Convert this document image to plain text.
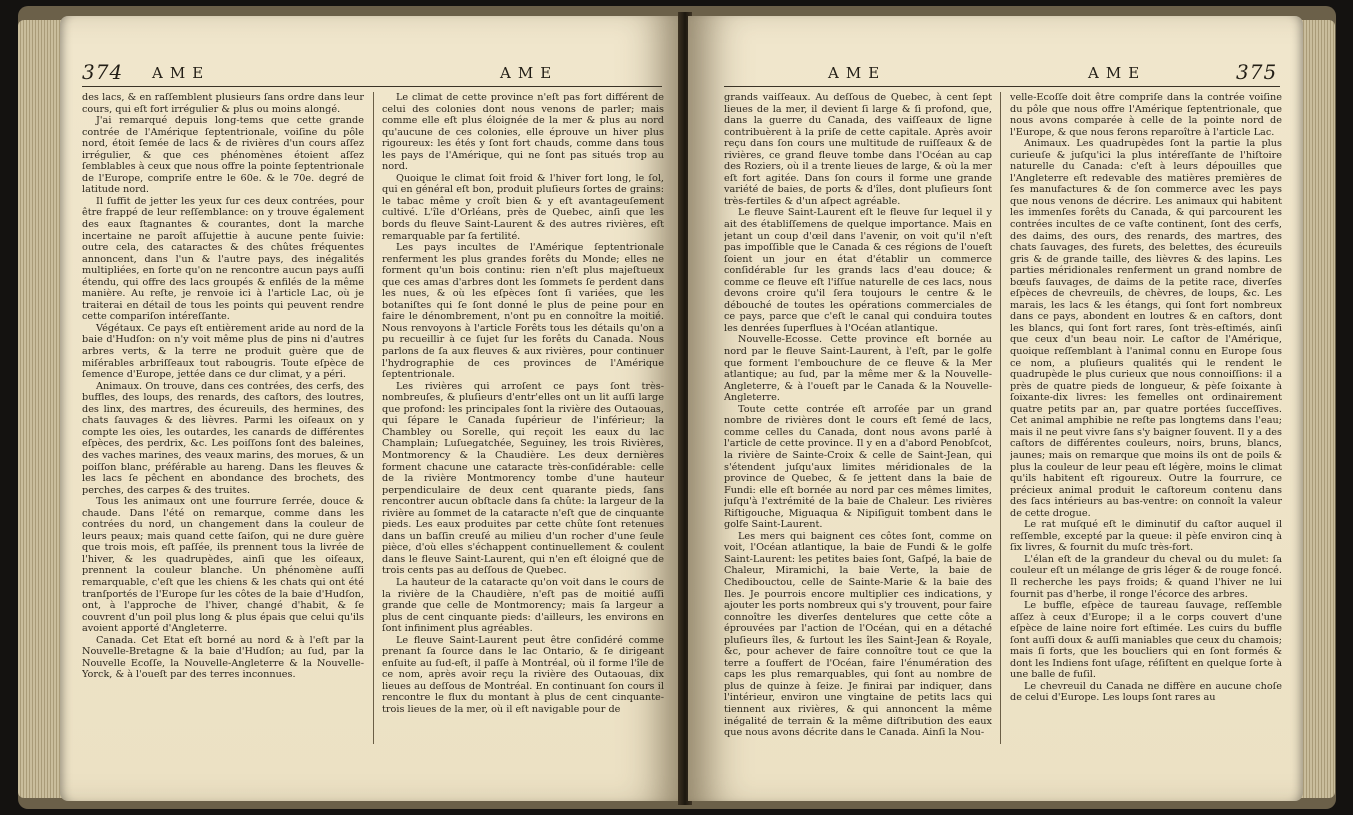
374 AME	AME

des lacs, & en raſſemblent plusieurs ſans ordre dans leur cours, qui eſt fort irrégulier & plus ou moins alongé.

J'ai remarqué depuis long-tems que cette grande contrée de l'Amérique ſeptentrionale, voiſine du pôle nord, étoit ſemée de lacs & de rivières d'un cours aſſez irrégulier, & que ces phénomènes étoient aſſez ſemblables à ceux que nous offre la pointe ſeptentrionale de l'Europe, compriſe entre le 60e. & le 70e. degré de latitude nord.

Il ſuffit de jetter les yeux ſur ces deux contrées, pour être frappé de leur reſſemblance: on y trouve également des eaux ſtagnantes & courantes, dont la marche incertaine ne paroît aſſujettie à aucune pente ſuivie: outre cela, des cataractes & des chûtes fréquentes annoncent, dans l'un & l'autre pays, des inégalités multipliées, en ſorte qu'on ne rencontre aucun pays auſſi étendu, qui offre des lacs groupés & enfilés de la même manière. Au reſte, je renvoie ici à l'article Lac, où je traiterai en détail de tous les points qui peuvent rendre cette compariſon intéreſſante.

Végétaux. Ce pays eſt entièrement aride au nord de la baie d'Hudſon: on n'y voit même plus de pins ni d'autres arbres verts, & la terre ne produit guère que de miſérables arbriſſeaux tout rabougris. Toute eſpèce de ſemence d'Europe, jettée dans ce dur climat, y a péri.

Animaux. On trouve, dans ces contrées, des cerfs, des buffles, des loups, des renards, des caſtors, des loutres, des linx, des martres, des écureuils, des hermines, des chats ſauvages & des lièvres. Parmi les oiſeaux on y compte les oies, les outardes, les canards de différentes eſpèces, des perdrix, &c. Les poiſſons ſont des baleines, des vaches marines, des veaux marins, des morues, & un poiſſon blanc, préférable au hareng. Dans les fleuves & les lacs ſe pêchent en abondance des brochets, des perches, des carpes & des truites.

Tous les animaux ont une fourrure ſerrée, douce & chaude. Dans l'été on remarque, comme dans les contrées du nord, un changement dans la couleur de leurs peaux; mais quand cette ſaiſon, qui ne dure guère que trois mois, eſt paſſée, ils prennent tous la livrée de l'hiver, & les quadrupèdes, ainſi que les oiſeaux, prennent la couleur blanche. Un phénomène auſſi remarquable, c'eſt que les chiens & les chats qui ont été tranſportés de l'Europe ſur les côtes de la baie d'Hudſon, ont, à l'approche de l'hiver, changé d'habit, & ſe couvrent d'un poil plus long & plus épais que celui qu'ils avoient apporté d'Angleterre.

Canada. Cet Etat eſt borné au nord & à l'eſt par la Nouvelle-Bretagne & la baie d'Hudſon; au ſud, par la Nouvelle Ecoſſe, la Nouvelle-Angleterre & la Nouvelle-Yorck, & à l'oueſt par des terres inconnues.

Le climat de cette province n'eſt pas fort différent de celui des colonies dont nous venons de parler; mais comme elle eſt plus éloignée de la mer & plus au nord qu'aucune de ces colonies, elle éprouve un hiver plus rigoureux: les étés y ſont fort chauds, comme dans tous les pays de l'Amérique, qui ne ſont pas situés trop au nord.

Quoique le climat ſoit froid & l'hiver fort long, le ſol, qui en général eſt bon, produit pluſieurs ſortes de grains: le tabac même y croît bien & y eſt avantageuſement cultivé. L'île d'Orléans, près de Quebec, ainſi que les bords du fleuve Saint-Laurent & des autres rivières, eſt remarquable par ſa fertilité.

Les pays incultes de l'Amérique ſeptentrionale renferment les plus grandes forêts du Monde; elles ne forment qu'un bois continu: rien n'eſt plus majeſtueux que ces amas d'arbres dont les ſommets ſe perdent dans les nues, & où les eſpèces ſont ſi variées, que les botaniſtes qui ſe ſont donné le plus de peine pour en faire le dénombrement, n'ont pu en connoître la moitié. Nous renvoyons à l'article Forêts tous les détails qu'on a pu recueillir à ce ſujet ſur les forêts du Canada. Nous parlons de ſa aux fleuves & aux rivières, pour continuer l'hydrographie de ces provinces de l'Amérique ſeptentrionale.

Les rivières qui arroſent ce pays ſont très-nombreuſes, & pluſieurs d'entr'elles ont un lit auſſi large que profond: les principales ſont la rivière des Outaouas, qui ſépare le Canada ſupérieur de l'inférieur; la Chambley ou Sorelle, qui reçoit les eaux du lac Champlain; Luſuegatchée, Seguiney, les trois Rivières, Montmorency & la Chaudière. Les deux dernières forment chacune une cataracte très-conſidérable: celle de la rivière Montmorency tombe d'une hauteur perpendiculaire de deux cent quarante pieds, ſans rencontrer aucun obſtacle dans ſa chûte: la largeur de la rivière au ſommet de la cataracte n'eſt que de cinquante pieds. Les eaux produites par cette chûte ſont retenues dans un baſſin creuſé au milieu d'un rocher d'une ſeule pièce, d'où elles s'échappent continuellement & coulent dans le fleuve Saint-Laurent, qui n'en eſt éloigné que de trois cents pas au deſſous de Quebec.

La hauteur de la cataracte qu'on voit dans le cours de la rivière de la Chaudière, n'eſt pas de moitié auſſi grande que celle de Montmorency; mais ſa largeur a plus de cent cinquante pieds: d'ailleurs, les environs en ſont infiniment plus agréables.

Le fleuve Saint-Laurent peut être conſidéré comme prenant ſa ſource dans le lac Ontario, & ſe dirigeant enſuite au ſud-eſt, il paſſe à Montréal, où il forme l'île de ce nom, après avoir reçu la rivière des Outaouas, dix lieues au deſſous de Montréal. En continuant ſon cours il rencontre le flux du montant à plus de cent cinquante-trois lieues de la mer, où il eſt navigable pour de

AME	AME	375

grands vaiſſeaux. Au deſſous de Quebec, à cent ſept lieues de la mer, il devient ſi large & ſi profond, que, dans la guerre du Canada, des vaiſſeaux de ligne contribuèrent à la priſe de cette capitale. Après avoir reçu dans ſon cours une multitude de ruiſſeaux & de rivières, ce grand fleuve tombe dans l'Océan au cap des Roziers, où il a trente lieues de large, & où la mer eſt fort agitée. Dans ſon cours il forme une grande variété de baies, de ports & d'îles, dont pluſieurs ſont très-fertiles & d'un aſpect agréable.

Le fleuve Saint-Laurent eſt le fleuve ſur lequel il y ait des établiſſemens de quelque importance. Mais en jetant un coup d'œil dans l'avenir, on voit qu'il n'eſt pas impoſſible que le Canada & ces régions de l'oueſt ſoient un jour en état d'établir un commerce conſidérable ſur les grands lacs d'eau douce; & comme ce fleuve eſt l'iſſue naturelle de ces lacs, nous devons croire qu'il ſera toujours le centre & le débouché de toutes les opérations commerciales de ce pays, parce que c'eſt le canal qui conduira toutes les denrées ſuperflues à l'Océan atlantique.

Nouvelle-Ecosse. Cette province eſt bornée au nord par le fleuve Saint-Laurent, à l'eſt, par le golfe que forment l'embouchure de ce fleuve & la Mer atlantique; au ſud, par la même mer & la Nouvelle-Angleterre, & à l'oueſt par le Canada & la Nouvelle-Angleterre.

Toute cette contrée eſt arroſée par un grand nombre de rivières dont le cours eſt ſemé de lacs, comme celles du Canada, dont nous avons parlé à l'article de cette province. Il y en a d'abord Penobſcot, la rivière de Sainte-Croix & celle de Saint-Jean, qui s'étendent juſqu'aux limites méridionales de la province de Quebec, & ſe jettent dans la baie de Fundi: elle eſt bornée au nord par ces mêmes limites, juſqu'à l'extrémité de la baie de Chaleur. Les rivières Riſtigouche, Miguaqua & Nipiſiguit tombent dans le golfe Saint-Laurent.

Les mers qui baignent ces côtes ſont, comme on voit, l'Océan atlantique, la baie de Fundi & le golfe Saint-Laurent: les petites baies ſont, Gaſpé, la baie de Chaleur, Miramichi, la baie Verte, la baie de Chedibouctou, celle de Sainte-Marie & la baie des Iles. Je pourrois encore multiplier ces indications, y ajouter les ports nombreux qui s'y trouvent, pour faire connoître les diverſes dentelures que cette côte a éprouvées par l'action de l'Océan, qui en a détaché pluſieurs îles, & ſurtout les îles Saint-Jean & Royale, &c, pour achever de faire connoître tout ce que la terre a ſouffert de l'Océan, faire l'énumération des caps les plus remarquables, qui ſont au nombre de plus de quinze à ſeize. Je finirai par indiquer, dans l'intérieur, environ une vingtaine de petits lacs qui tiennent aux rivières, & qui annoncent la même inégalité de terrain & la même diſtribution des eaux que nous avons décrite dans le Canada. Ainſi la Nou-

velle-Ecoſſe doit être compriſe dans la contrée voiſine du pôle que nous offre l'Amérique ſeptentrionale, que nous avons comparée à celle de la pointe nord de l'Europe, & que nous ferons reparoître à l'article Lac.

Animaux. Les quadrupèdes ſont la partie la plus curieuſe & juſqu'ici la plus intéreſſante de l'hiſtoire naturelle du Canada: c'eſt à leurs dépouilles que l'Angleterre eſt redevable des matières premières de ſes manufactures & de ſon commerce avec les pays que nous venons de décrire. Les animaux qui habitent les immenſes forêts du Canada, & qui parcourent les contrées incultes de ce vaſte continent, ſont des cerfs, des daims, des ours, des renards, des martres, des chats ſauvages, des furets, des belettes, des écureuils gris & de grande taille, des lièvres & des lapins. Les parties méridionales renferment un grand nombre de bœufs ſauvages, de daims de la petite race, diverſes eſpèces de chevreuils, de chèvres, de loups, &c. Les marais, les lacs & les étangs, qui ſont fort nombreux dans ce pays, abondent en loutres & en caſtors, dont les blancs, qui ſont fort rares, ſont très-eſtimés, ainſi que ceux d'un beau noir. Le caſtor de l'Amérique, quoique reſſemblant à l'animal connu en Europe ſous ce nom, a pluſieurs qualités qui le rendent le quadrupède le plus curieux que nous connoiſſions: il a près de quatre pieds de longueur, & pèſe ſoixante à ſoixante-dix livres: les femelles ont ordinairement quatre petits par an, par quatre portées ſucceſſives. Cet animal amphibie ne reſte pas longtems dans l'eau; mais il ne peut vivre ſans s'y baigner ſouvent. Il y a des caſtors de différentes couleurs, noirs, bruns, blancs, jaunes; mais on remarque que moins ils ont de poils & plus la couleur de leur peau eſt légère, moins le climat qu'ils habitent eſt rigoureux. Outre la fourrure, ce précieux animal produit le caſtoreum contenu dans des ſacs intérieurs au bas-ventre: on connoît la valeur de cette drogue.

Le rat muſqué eſt le diminutif du caſtor auquel il reſſemble, excepté par la queue: il pèſe environ cinq à ſix livres, & fournit du muſc très-fort.

L'élan eſt de la grandeur du cheval ou du mulet: ſa couleur eſt un mélange de gris léger & de rouge foncé. Il recherche les pays froids; & quand l'hiver ne lui fournit pas d'herbe, il ronge l'écorce des arbres.

Le buffle, eſpèce de taureau ſauvage, reſſemble aſſez à ceux d'Europe; il a le corps couvert d'une eſpèce de laine noire fort eſtimée. Les cuirs du buffle ſont auſſi doux & auſſi maniables que ceux du chamois; mais ſi forts, que les boucliers qui en ſont formés & dont les Indiens font uſage, réſiſtent en quelque ſorte à une balle de fuſil.

Le chevreuil du Canada ne diffère en aucune choſe de celui d'Europe. Les loups ſont rares au
